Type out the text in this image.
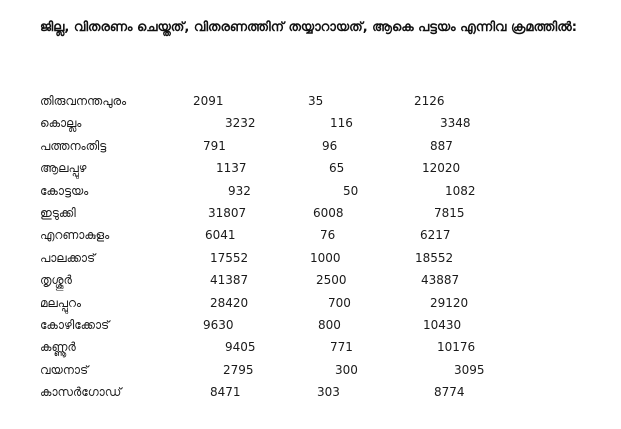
ജില്ല, വിതരണം ചെയ്തത്, വിതരണത്തിന് തയ്യാറായത്, ആകെ പട്ടയം എന്നിവ ക്രമത്തിൽ:
തിരുവനന്തപുരം	2091	35	2126
കൊല്ലം	3232	116	3348
പത്തനംതിട്ട	791	96	887
ആലപ്പുഴ	1137	65	12020
കോട്ടയം	932	50	1082
ഇടുക്കി	31807	6008	7815
എറണാകുളം	6041	76	6217
പാലക്കാട്	17552	1000	18552
തൃശ്ശൂർ	41387	2500	43887
മലപ്പുറം	28420	700	29120
കോഴിക്കോട്	9630	800	10430
കണ്ണൂർ	9405	771	10176
വയനാട്	2795	300	3095
കാസർഗോഡ്	8471	303	8774
